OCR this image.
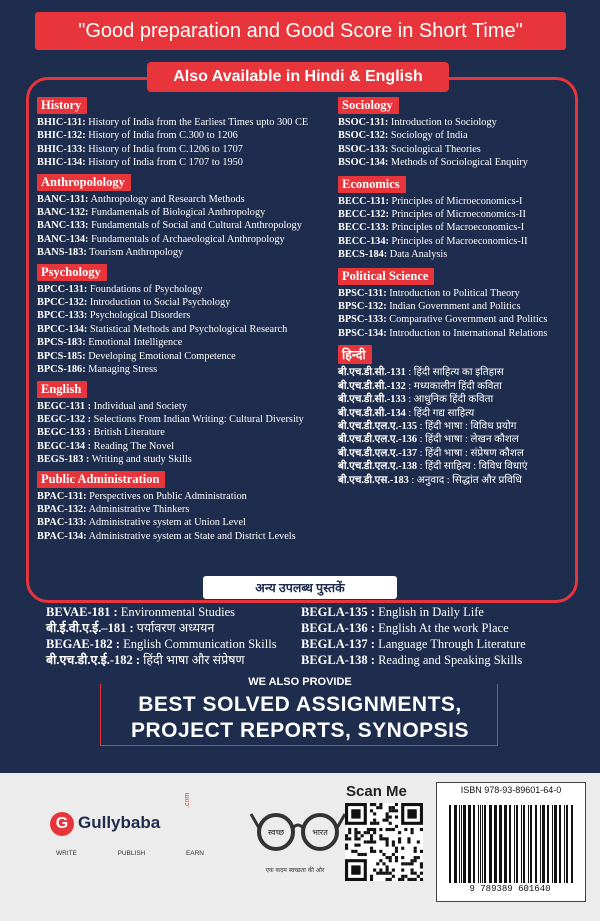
"Good preparation and Good Score in Short Time"
Also Available in Hindi & English
History
BHIC-131: History of India from the Earliest Times upto 300 CE
BHIC-132: History of India from C.300 to 1206
BHIC-133: History of India from C.1206 to 1707
BHIC-134: History of India from C 1707 to 1950
Anthropolology
BANC-131: Anthropology and Research Methods
BANC-132: Fundamentals of Biological Anthropology
BANC-133: Fundamentals of Social and Cultural Anthropology
BANC-134: Fundamentals of Archaeological Anthropology
BANS-183: Tourism Anthropology
Psychology
BPCC-131: Foundations of Psychology
BPCC-132: Introduction to Social Psychology
BPCC-133: Psychological Disorders
BPCC-134: Statistical Methods and Psychological Research
BPCS-183: Emotional Intelligence
BPCS-185: Developing Emotional Competence
BPCS-186: Managing Stress
English
BEGC-131 : Individual and Society
BEGC-132 : Selections From Indian Writing: Cultural Diversity
BEGC-133 : British Literature
BEGC-134 : Reading The Novel
BEGS-183 : Writing and study Skills
Public Administration
BPAC-131: Perspectives on Public Administration
BPAC-132: Administrative Thinkers
BPAC-133: Administrative system at Union Level
BPAC-134: Administrative system at State and District Levels
Sociology
BSOC-131: Introduction to Sociology
BSOC-132: Sociology of India
BSOC-133: Sociological Theories
BSOC-134: Methods of Sociological Enquiry
Economics
BECC-131: Principles of Microeconomics-I
BECC-132: Principles of Microeconomics-II
BECC-133: Principles of Macroeconomics-I
BECC-134: Principles of Macroeconomics-II
BECS-184: Data Analysis
Political Science
BPSC-131: Introduction to Political Theory
BPSC-132: Indian Government and Politics
BPSC-133: Comparative Government and Politics
BPSC-134: Introduction to International Relations
हिन्दी
बी.एच.डी.सी.-131 : हिंदी साहित्य का इतिहास
बी.एच.डी.सी.-132 : मध्यकालीन हिंदी कविता
बी.एच.डी.सी.-133 : आधुनिक हिंदी कविता
बी.एच.डी.सी.-134 : हिंदी गद्य साहित्य
बी.एच.डी.एल.ए.-135 : हिंदी भाषा : विविध प्रयोग
बी.एच.डी.एल.ए.-136 : हिंदी भाषा : लेखन कौशल
बी.एच.डी.एल.ए.-137 : हिंदी भाषा : संप्रेषण कौशल
बी.एच.डी.एल.ए.-138 : हिंदी साहित्य : विविध विधाएं
बी.एच.डी.एस.-183 : अनुवाद : सिद्धांत और प्रविधि
अन्य उपलब्ध पुस्तकें
BEVAE-181 : Environmental Studies
बी.ई.वी.ए.ई.–181 : पर्यावरण अध्ययन
BEGAE-182 : English Communication Skills
बी.एच.डी.ए.ई.-182 : हिंदी भाषा और संप्रेषण
BEGLA-135 : English in Daily Life
BEGLA-136 : English At the work Place
BEGLA-137 : Language Through Literature
BEGLA-138 : Reading and Speaking Skills
WE ALSO PROVIDE
BEST SOLVED ASSIGNMENTS,
PROJECT REPORTS, SYNOPSIS
G Gullybaba
.com
WRITE	PUBLISH	EARN
स्वच्छ	भारत
एक कदम स्वच्छता की ओर
Scan Me	ISBN 978-93-89601-64-0
9 789389 601640
